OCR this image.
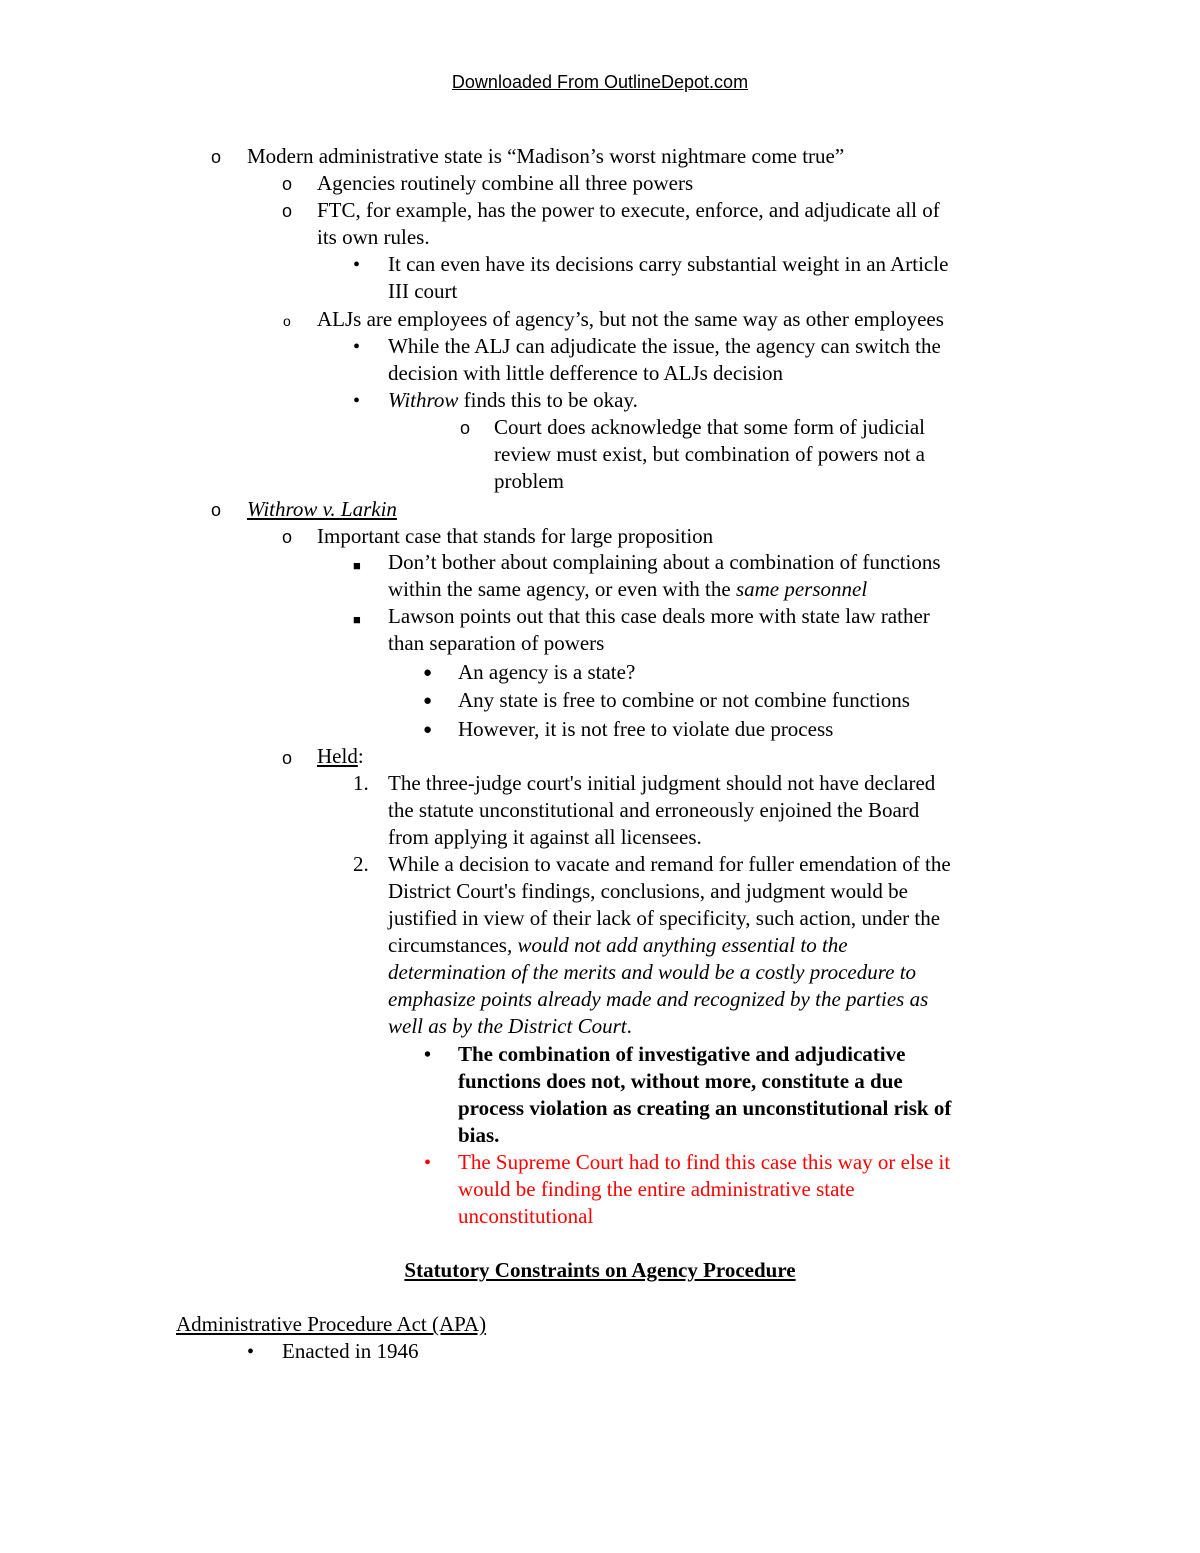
Downloaded From OutlineDepot.com
o Modern administrative state is “Madison’s worst nightmare come true”
o Agencies routinely combine all three powers
o FTC, for example, has the power to execute, enforce, and adjudicate all of
its own rules.
• It can even have its decisions carry substantial weight in an Article
III court
o ALJs are employees of agency’s, but not the same way as other employees
• While the ALJ can adjudicate the issue, the agency can switch the
decision with little defference to ALJs decision
• Withrow finds this to be okay.
o Court does acknowledge that some form of judicial
review must exist, but combination of powers not a
problem
o Withrow v. Larkin
o Important case that stands for large proposition
■ Don’t bother about complaining about a combination of functions
within the same agency, or even with the same personnel
■ Lawson points out that this case deals more with state law rather
than separation of powers
● An agency is a state?
● Any state is free to combine or not combine functions
● However, it is not free to violate due process
o Held:
1. The three-judge court's initial judgment should not have declared
the statute unconstitutional and erroneously enjoined the Board
from applying it against all licensees.
2. While a decision to vacate and remand for fuller emendation of the
District Court's findings, conclusions, and judgment would be
justified in view of their lack of specificity, such action, under the
circumstances, would not add anything essential to the
determination of the merits and would be a costly procedure to
emphasize points already made and recognized by the parties as
well as by the District Court.
• The combination of investigative and adjudicative
functions does not, without more, constitute a due
process violation as creating an unconstitutional risk of
bias.
• The Supreme Court had to find this case this way or else it
would be finding the entire administrative state
unconstitutional
Statutory Constraints on Agency Procedure
Administrative Procedure Act (APA)
• Enacted in 1946
